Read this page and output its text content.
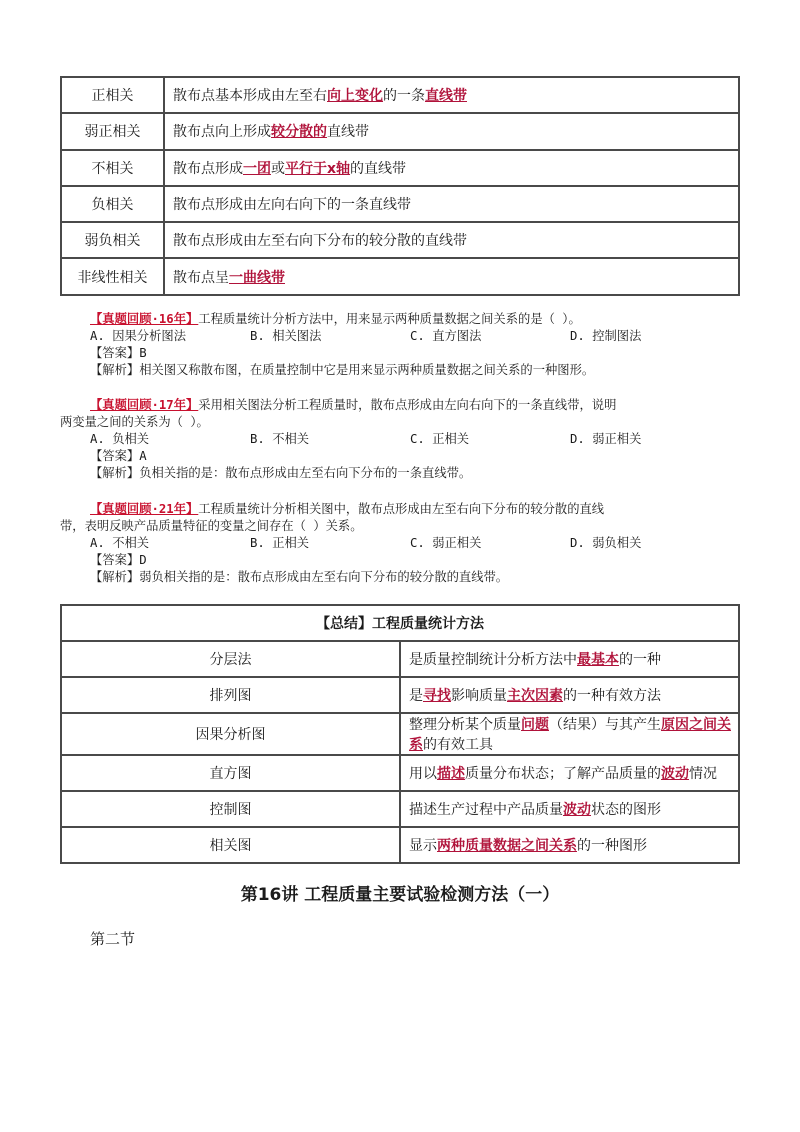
正相关	散布点基本形成由左至右向上变化的一条直线带
弱正相关	散布点向上形成较分散的直线带
不相关	散布点形成一团或平行于x轴的直线带
负相关	散布点形成由左向右向下的一条直线带
弱负相关	散布点形成由左至右向下分布的较分散的直线带
非线性相关	散布点呈一曲线带
【真题回顾·16年】工程质量统计分析方法中，用来显示两种质量数据之间关系的是（ ）。
A. 因果分析图法	B. 相关图法	C. 直方图法	D. 控制图法
【答案】B
【解析】相关图又称散布图，在质量控制中它是用来显示两种质量数据之间关系的一种图形。
【真题回顾·17年】采用相关图法分析工程质量时，散布点形成由左向右向下的一条直线带，说明
两变量之间的关系为（ ）。
A. 负相关	B. 不相关	C. 正相关	D. 弱正相关
【答案】A
【解析】负相关指的是：散布点形成由左至右向下分布的一条直线带。
【真题回顾·21年】工程质量统计分析相关图中，散布点形成由左至右向下分布的较分散的直线
带，表明反映产品质量特征的变量之间存在（ ）关系。
A. 不相关	B. 正相关	C. 弱正相关	D. 弱负相关
【答案】D
【解析】弱负相关指的是：散布点形成由左至右向下分布的较分散的直线带。
【总结】工程质量统计方法	
分层法	是质量控制统计分析方法中最基本的一种
排列图	是寻找影响质量主次因素的一种有效方法
因果分析图	整理分析某个质量问题（结果）与其产生原因之间关系的有效工具
直方图	用以描述质量分布状态；了解产品质量的波动情况
控制图	描述生产过程中产品质量波动状态的图形
相关图	显示两种质量数据之间关系的一种图形
第16讲 工程质量主要试验检测方法（一）
第二节
